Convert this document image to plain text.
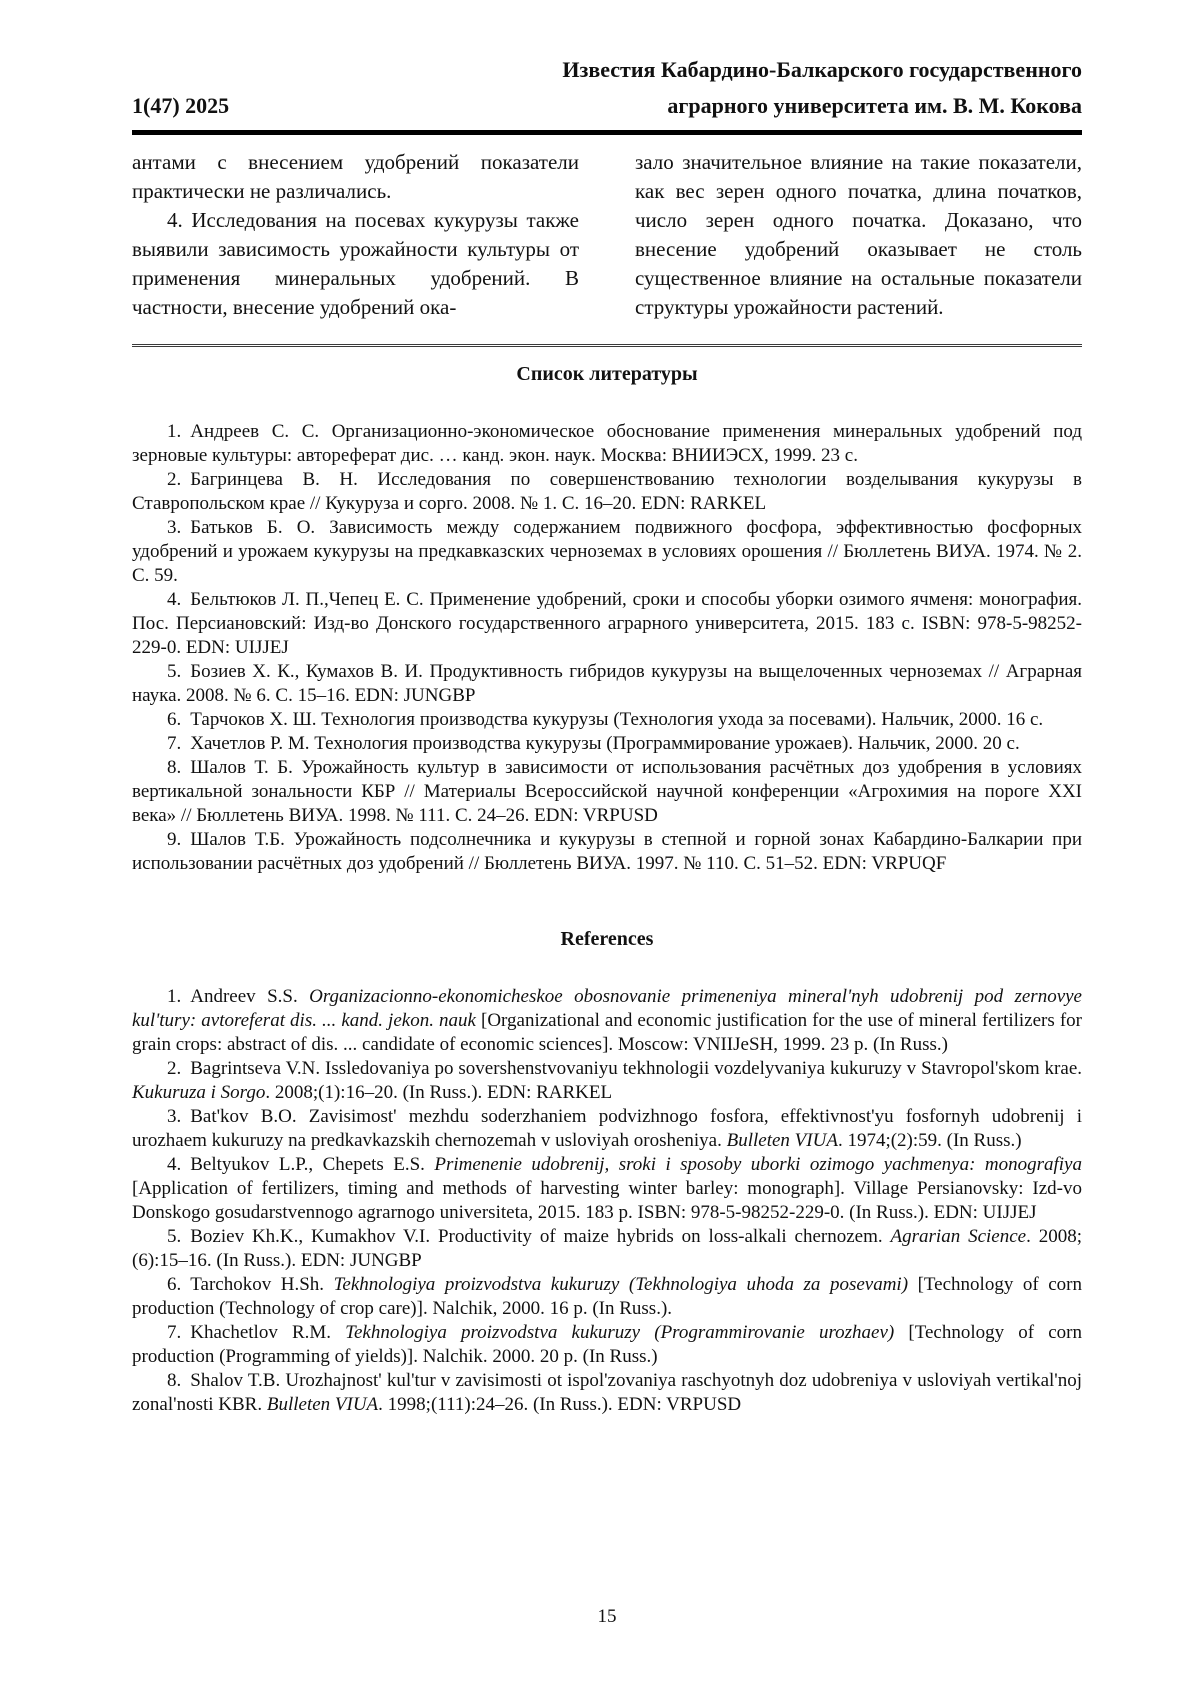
1(47) 2025
Известия Кабардино-Балкарского государственного
аграрного университета им. В. М. Кокова

антами с внесением удобрений показатели практически не различались.

4. Исследования на посевах кукурузы также выявили зависимость урожайности культуры от применения минеральных удобрений. В частности, внесение удобрений ока-

зало значительное влияние на такие показатели, как вес зерен одного початка, длина початков, число зерен одного початка. Доказано, что внесение удобрений оказывает не столь существенное влияние на остальные показатели структуры урожайности растений.

Список литературы

1. Андреев С. С. Организационно-экономическое обоснование применения минеральных удобрений под зерновые культуры: автореферат дис. … канд. экон. наук. Москва: ВНИИЭСХ, 1999. 23 с.

2. Багринцева В. Н. Исследования по совершенствованию технологии возделывания кукурузы в Ставропольском крае // Кукуруза и сорго. 2008. № 1. С. 16–20. EDN: RARKEL

3. Батьков Б. О. Зависимость между содержанием подвижного фосфора, эффективностью фосфорных удобрений и урожаем кукурузы на предкавказских черноземах в условиях орошения // Бюллетень ВИУА. 1974. № 2. С. 59.

4. Бельтюков Л. П.,Чепец Е. С. Применение удобрений, сроки и способы уборки озимого ячменя: монография. Пос. Персиановский: Изд-во Донского государственного аграрного университета, 2015. 183 с. ISBN: 978-5-98252-229-0. EDN: UIJJEJ

5. Бозиев Х. К., Кумахов В. И. Продуктивность гибридов кукурузы на выщелоченных черноземах // Аграрная наука. 2008. № 6. С. 15–16. EDN: JUNGBP

6. Тарчоков Х. Ш. Технология производства кукурузы (Технология ухода за посевами). Нальчик, 2000. 16 с.

7. Хачетлов Р. М. Технология производства кукурузы (Программирование урожаев). Нальчик, 2000. 20 с.

8. Шалов Т. Б. Урожайность культур в зависимости от использования расчётных доз удобрения в условиях вертикальной зональности КБР // Материалы Всероссийской научной конференции «Агрохимия на пороге XXI века» // Бюллетень ВИУА. 1998. № 111. С. 24–26. EDN: VRPUSD

9. Шалов Т.Б. Урожайность подсолнечника и кукурузы в степной и горной зонах Кабардино-Балкарии при использовании расчётных доз удобрений // Бюллетень ВИУА. 1997. № 110. С. 51–52. EDN: VRPUQF

References

1. Andreev S.S. Organizacionno-ekonomicheskoe obosnovanie primeneniya mineral'nyh udobrenij pod zernovye kul'tury: avtoreferat dis. ... kand. jekon. nauk [Organizational and economic justification for the use of mineral fertilizers for grain crops: abstract of dis. ... candidate of economic sciences]. Moscow: VNIIJeSH, 1999. 23 p. (In Russ.)

2. Bagrintseva V.N. Issledovaniya po sovershenstvovaniyu tekhnologii vozdelyvaniya kukuruzy v Stavropol'skom krae. Kukuruza i Sorgo. 2008;(1):16–20. (In Russ.). EDN: RARKEL

3. Bat'kov B.O. Zavisimost' mezhdu soderzhaniem podvizhnogo fosfora, effektivnost'yu fosfornyh udobrenij i urozhaem kukuruzy na predkavkazskih chernozemah v usloviyah orosheniya. Bulleten VIUA. 1974;(2):59. (In Russ.)

4. Beltyukov L.P., Chepets E.S. Primenenie udobrenij, sroki i sposoby uborki ozimogo yachmenya: monografiya [Application of fertilizers, timing and methods of harvesting winter barley: monograph]. Village Persianovsky: Izd-vo Donskogo gosudarstvennogo agrarnogo universiteta, 2015. 183 p. ISBN: 978-5-98252-229-0. (In Russ.). EDN: UIJJEJ

5. Boziev Kh.K., Kumakhov V.I. Productivity of maize hybrids on loss-alkali chernozem. Agrarian Science. 2008;(6):15–16. (In Russ.). EDN: JUNGBP

6. Tarchokov H.Sh. Tekhnologiya proizvodstva kukuruzy (Tekhnologiya uhoda za posevami) [Technology of corn production (Technology of crop care)]. Nalchik, 2000. 16 p. (In Russ.).

7. Khachetlov R.M. Tekhnologiya proizvodstva kukuruzy (Programmirovanie urozhaev) [Technology of corn production (Programming of yields)]. Nalchik. 2000. 20 p. (In Russ.)

8. Shalov T.B. Urozhajnost' kul'tur v zavisimosti ot ispol'zovaniya raschyotnyh doz udobreniya v usloviyah vertikal'noj zonal'nosti KBR. Bulleten VIUA. 1998;(111):24–26. (In Russ.). EDN: VRPUSD

15
